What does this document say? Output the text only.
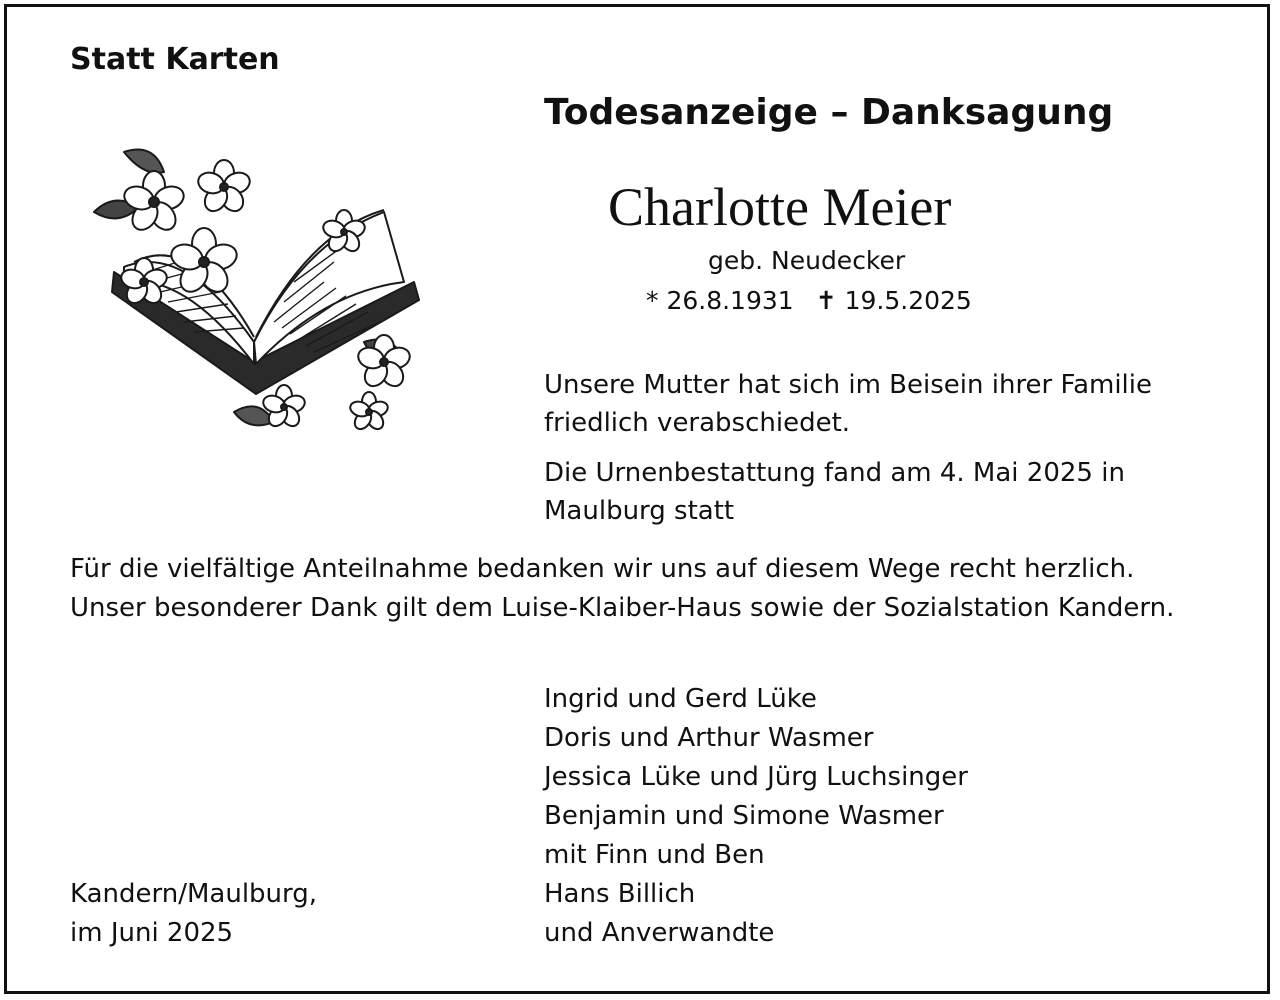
Statt Karten
Todesanzeige – Danksagung
Charlotte Meier
geb. Neudecker
* 26.8.1931 ✝ 19.5.2025
Unsere Mutter hat sich im Beisein ihrer Familie
friedlich verabschiedet.
Die Urnenbestattung fand am 4. Mai 2025 in
Maulburg statt
Für die vielfältige Anteilnahme bedanken wir uns auf diesem Wege recht herzlich.
Unser besonderer Dank gilt dem Luise-Klaiber-Haus sowie der Sozialstation Kandern.
Kandern/Maulburg,
im Juni 2025
Ingrid und Gerd Lüke
Doris und Arthur Wasmer
Jessica Lüke und Jürg Luchsinger
Benjamin und Simone Wasmer
mit Finn und Ben
Hans Billich
und Anverwandte
